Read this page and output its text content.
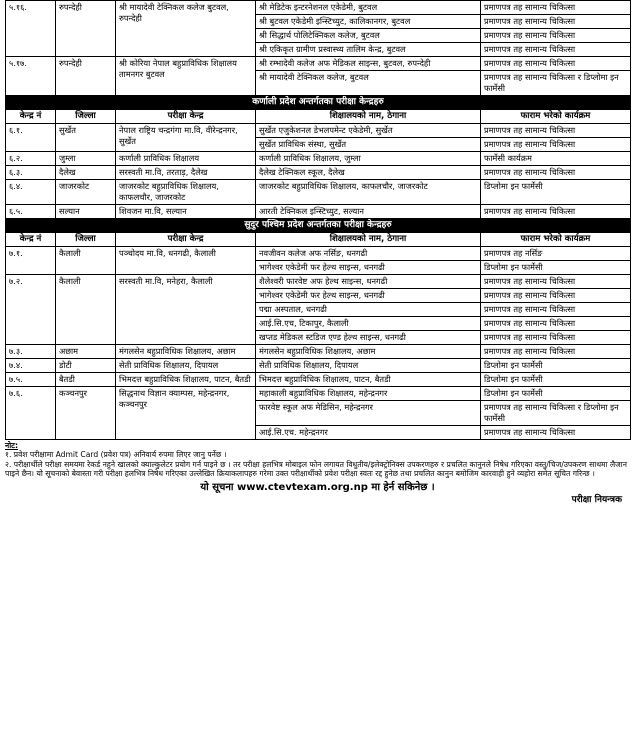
५.१६.	रुपन्देही	श्री मायादेवी टेक्निकल कलेज बुटवल, रुपन्देही	श्री मेडिटेक इन्टरनेशनल एकेडेमी, बुटवल	प्रमाणपत्र तह सामान्य चिकित्सा
			श्री बुटवल एकेडेमी इन्स्टिच्युट, कालिकानगर, बुटवल	प्रमाणपत्र तह सामान्य चिकित्सा
			श्री सिद्धार्थ पोलिटेक्निकल कलेज, बुटवल	प्रमाणपत्र तह सामान्य चिकित्सा
			श्री एकिकृत ग्रामीण प्रस्वास्थ्य तालिम केन्द्र, बुटवल	प्रमाणपत्र तह सामान्य चिकित्सा
५.१७.	रुपन्देही	श्री कोरिया नेपाल बहुप्राविधिक शिक्षालय तामनगर बुटवल	श्री रम्भादेवी कलेज अफ मेडिकल साइन्स, बुटवल, रुपन्देही	प्रमाणपत्र तह सामान्य चिकित्सा
			श्री मायादेवी टेक्निकल कलेज, बुटवल	प्रमाणपत्र तह सामान्य चिकित्सा र डिप्लोमा इन फार्मेसी
कर्णाली प्रदेश अन्तर्गतका परीक्षा केन्द्रहरु				
केन्द्र नं	जिल्ला	परीक्षा केन्द्र	शिक्षालयको नाम, ठेगाना	फाराम भरेको कार्यक्रम
६.१.	सुर्खेत	नेपाल राष्ट्रिय चन्द्रगंगा मा.वि, वीरेन्द्रनगर, सुर्खेत	सुर्खेत एजुकेशनल डेभलपमेन्ट एकेडेमी, सुर्खेत	प्रमाणपत्र तह सामान्य चिकित्सा
			सुर्खेत प्राविधिक संस्था, सुर्खेत	प्रमाणपत्र तह सामान्य चिकित्सा
६.२.	जुम्ला	कर्णाली प्राविधिक शिक्षालय	कर्णाली प्राविधिक शिक्षालय, जुम्ला	फार्मेसी कार्यक्रम
६.३.	दैलेख	सरस्वती मा.वि, तरताड़, दैलेख	दैलेख टेक्निकल स्कूल, दैलेख	प्रमाणपत्र तह सामान्य चिकित्सा
६.४.	जाजरकोट	जाजरकोट बहुप्राविधिक शिक्षालय, काफलचौर, जाजरकोट	जाजरकोट बहुप्राविधिक शिक्षालय, काफलचौर, जाजरकोट	डिप्लोमा इन फार्मेसी
६.५.	सल्यान	शिवजन मा.वि, सल्यान	आरती टेक्निकल इन्स्टिच्युट, सल्यान	प्रमाणपत्र तह सामान्य चिकित्सा
सुदुर पश्चिम प्रदेश अन्तर्गतका परीक्षा केन्द्रहरु				
केन्द्र नं	जिल्ला	परीक्षा केन्द्र	शिक्षालयको नाम, ठेगाना	फाराम भरेको कार्यक्रम
७.१.	कैलाली	पञ्चोदय मा.वि, धनगढी, कैलाली	नवजीवन कलेज अफ नर्सिङ, धनगढी	प्रमाणपत्र तह नर्सिङ
			भागेश्वर एकेडेमी फर हेल्थ साइन्स, धनगढी	डिप्लोमा इन फार्मेसी
७.२.	कैलाली	सरस्वती मा.वि, मनेहरा, कैलाली	शैलेश्वरी फारवेष्ट अफ हेल्थ साइन्स, धनगढी	प्रमाणपत्र तह सामान्य चिकित्सा
			भागेश्वर एकेडेमी फर हेल्थ साइन्स, धनगढी	प्रमाणपत्र तह सामान्य चिकित्सा
			पद्मा अस्पताल, धनगढी	प्रमाणपत्र तह सामान्य चिकित्सा
			आई.सि.एच, टिकापुर, कैलाली	प्रमाणपत्र तह सामान्य चिकित्सा
			खप्तड मेडिकल स्टडिज एण्ड हेल्थ साइन्स, धनगढी	प्रमाणपत्र तह सामान्य चिकित्सा
७.३.	अछाम	मंगलसेन बहुप्राविधिक शिक्षालय, अछाम	मंगलसेन बहुप्राविधिक शिक्षालय, अछाम	प्रमाणपत्र तह सामान्य चिकित्सा
७.४.	डोटी	सेती प्राविधिक शिक्षालय, दिपायल	सेती प्राविधिक शिक्षालय, दिपायल	डिप्लोमा इन फार्मेसी
७.५.	बैतडी	भिमदत्त बहुप्राविधिक शिक्षालय, पाटन, बैतडी	भिमदत्त बहुप्राविधिक शिक्षालय, पाटन, बैतडी	डिप्लोमा इन फार्मेसी
७.६.	कञ्चनपुर	सिद्धनाथ विज्ञान क्याम्पस, महेन्द्रनगर, कञ्चनपुर	महाकाली बहुप्राविधिक शिक्षालय, महेन्द्रनगर	डिप्लोमा इन फार्मेसी
			फारवेष्ट स्कूल अफ मेडिसिन, महेन्द्रनगर	प्रमाणपत्र तह सामान्य चिकित्सा र डिप्लोमा इन फार्मेसी
			आई.सि.एच. महेन्द्रनगर	प्रमाणपत्र तह सामान्य चिकित्सा
नोट:
१. प्रवेश परीक्षामा Admit Card (प्रवेश पत्र) अनिवार्य रुपमा लिएर जानु पर्नेछ ।
२. परीक्षार्थीले परीक्षा समयमा रेकर्ड नहुने खालको क्याल्कुलेटर प्रयोग गर्न पाइने छ । तर परीक्षा हलभित्र मोबाइल फोन लगायत विधुतीय/इलेक्ट्रोनिक्स उपकरणहरु र प्रचलित कानुनले निषेध गरिएका वस्तु/चिज/उपकरण साथमा लैजान पाइने छैन। यो सूचनाको बेवास्ता गरी परीक्षा हलभित्र निषेध गरिएका उल्लेखित क्रियाकलापहरु गरेमा उक्त परीक्षार्थीको प्रवेश परीक्षा स्वतः रद्द हुनेछ तथा प्रचलित कानुन बमोजिम कारवाही हुने व्यहोरा समेत सूचित गरिन्छ ।
यो सूचना www.ctevtexam.org.np मा हेर्न सकिनेछ ।
परीक्षा नियन्त्रक
